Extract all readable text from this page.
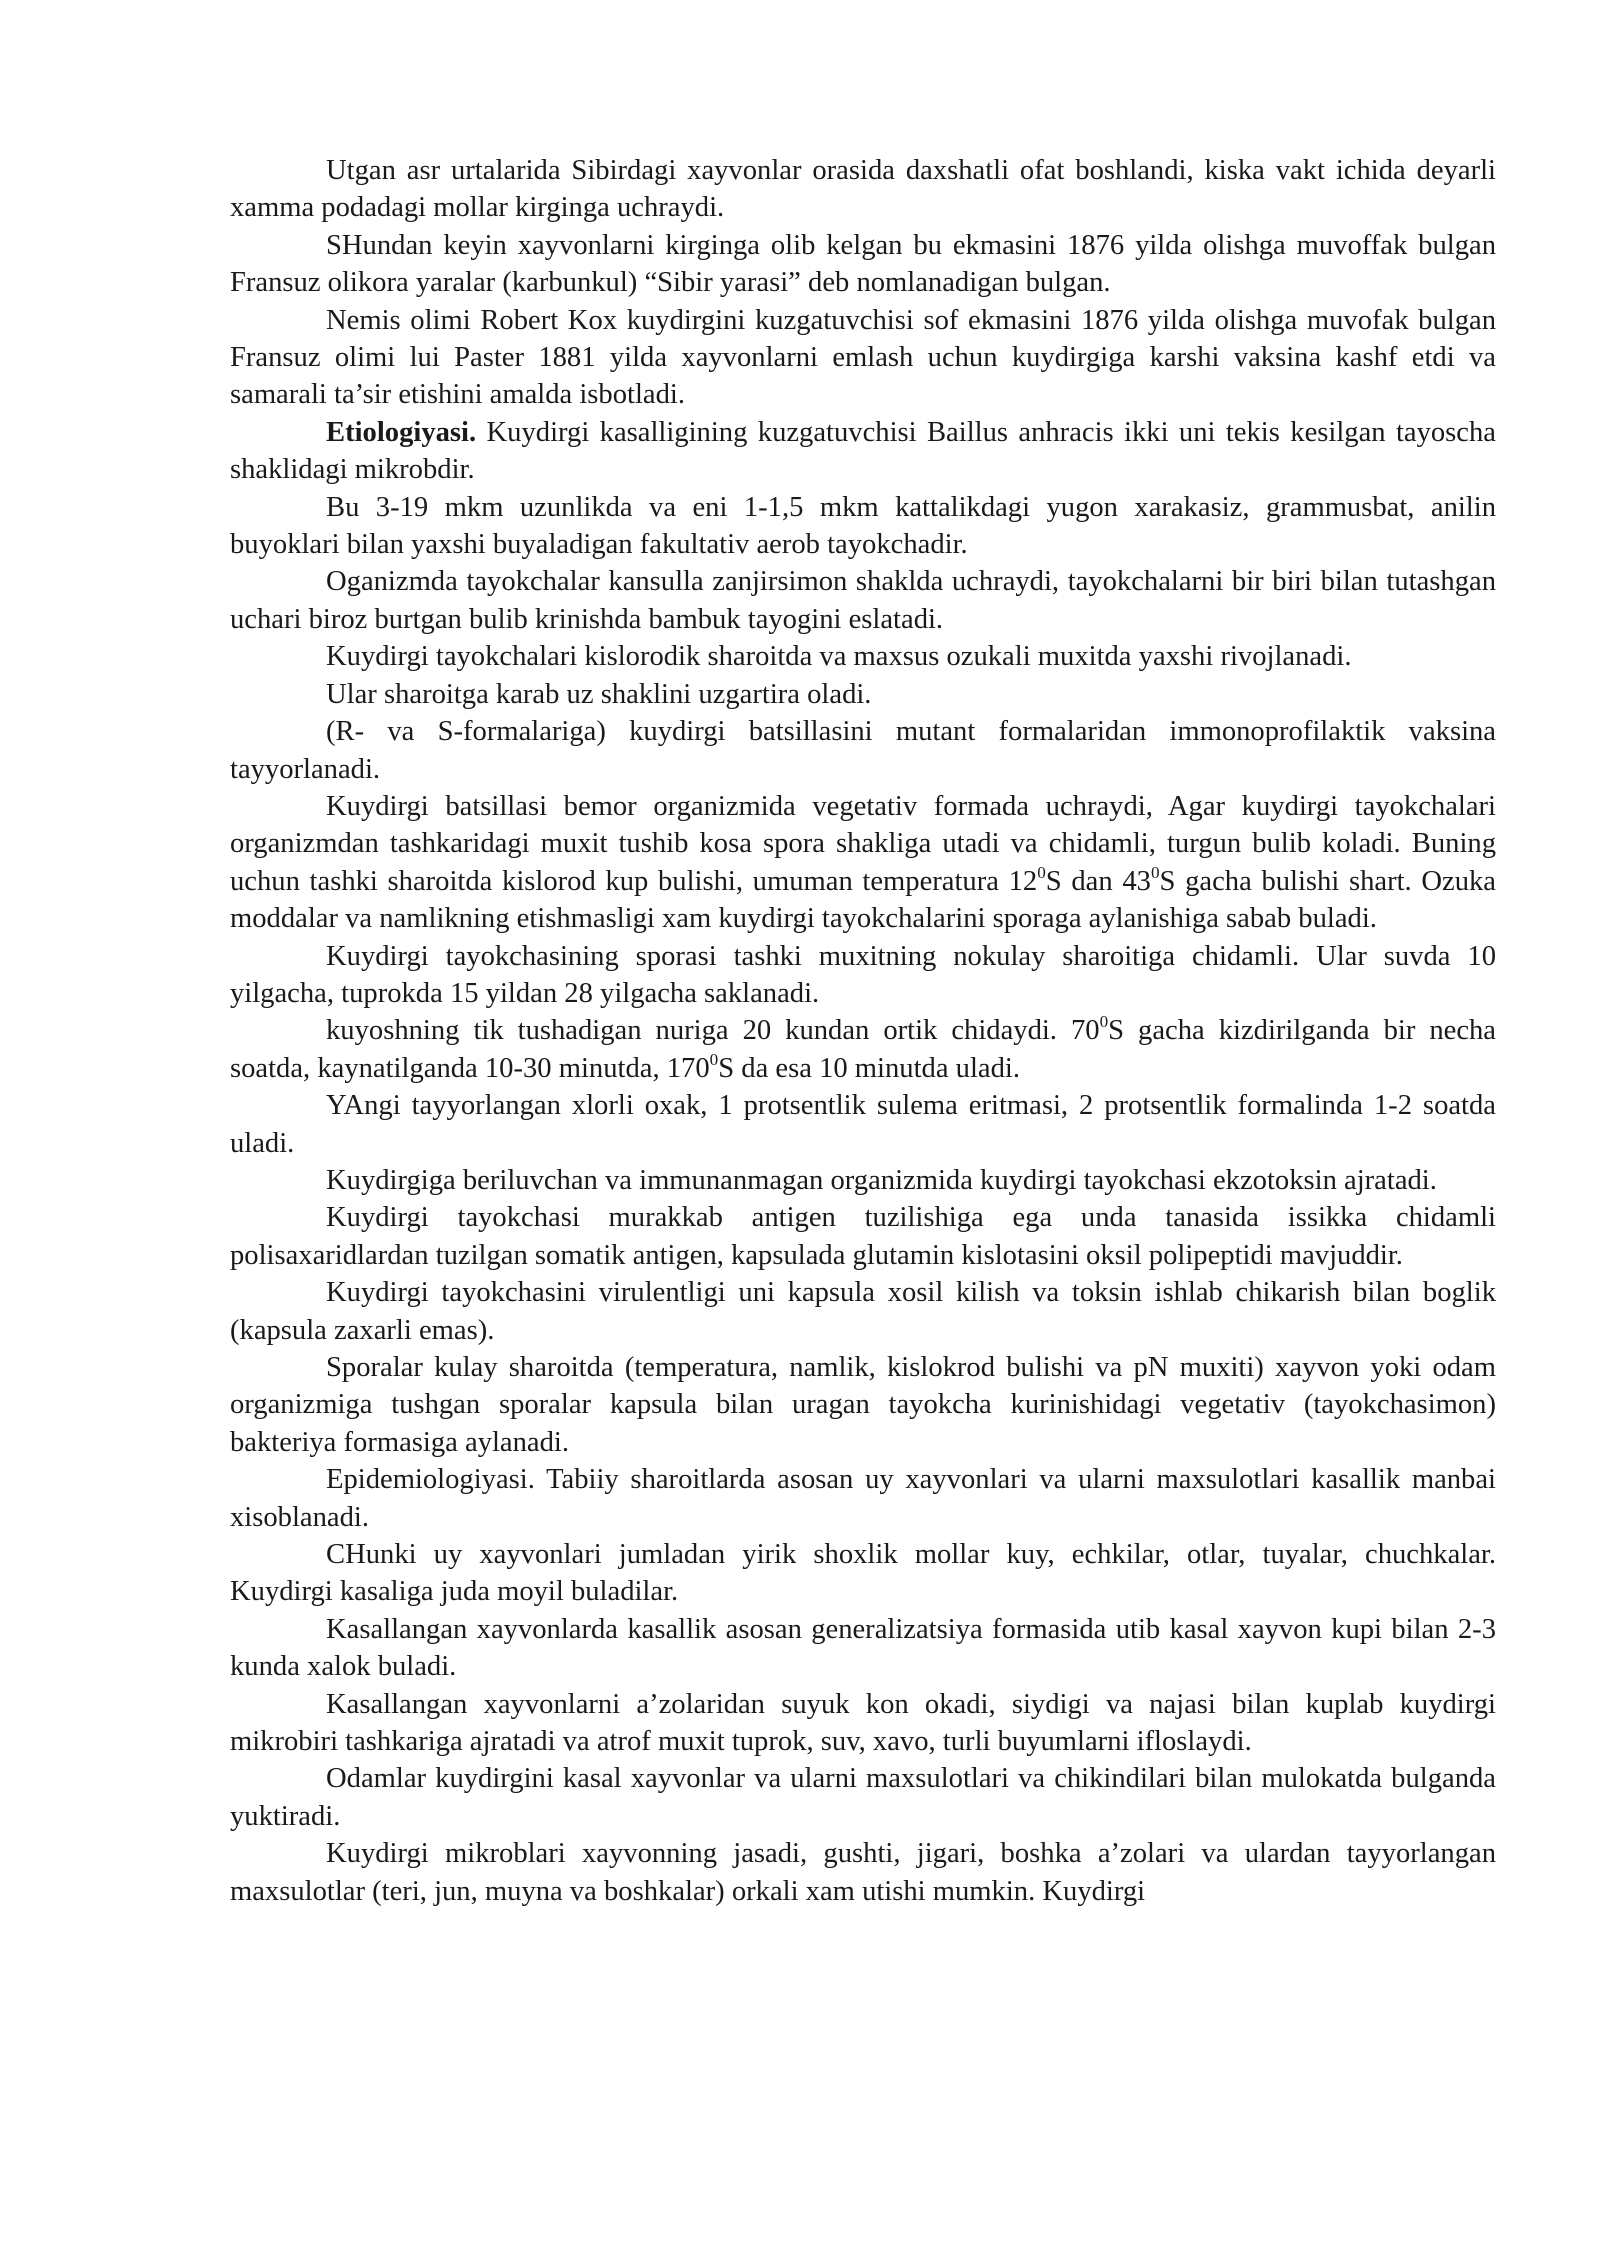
Utgan asr urtalarida Sibirdagi xayvonlar orasida daxshatli ofat boshlandi, kiska vakt ichida deyarli xamma podadagi mollar kirginga uchraydi.

SHundan keyin xayvonlarni kirginga olib kelgan bu ekmasini 1876 yilda olishga muvoffak bulgan Fransuz olikora yaralar (karbunkul) “Sibir yarasi” deb nomlanadigan bulgan.

Nemis olimi Robert Kox kuydirgini kuzgatuvchisi sof ekmasini 1876 yilda olishga muvofak bulgan Fransuz olimi lui Paster 1881 yilda xayvonlarni emlash uchun kuydirgiga karshi vaksina kashf etdi va samarali ta’sir etishini amalda isbotladi.

Etiologiyasi. Kuydirgi kasalligining kuzgatuvchisi Baillus anhracis ikki uni tekis kesilgan tayoscha shaklidagi mikrobdir.

Bu 3-19 mkm uzunlikda va eni 1-1,5 mkm kattalikdagi yugon xarakasiz, grammusbat, anilin buyoklari bilan yaxshi buyaladigan fakultativ aerob tayokchadir.

Oganizmda tayokchalar kansulla zanjirsimon shaklda uchraydi, tayokchalarni bir biri bilan tutashgan uchari biroz burtgan bulib krinishda bambuk tayogini eslatadi.

Kuydirgi tayokchalari kislorodik sharoitda va maxsus ozukali muxitda yaxshi rivojlanadi.

Ular sharoitga karab uz shaklini uzgartira oladi.

(R- va S-formalariga) kuydirgi batsillasini mutant formalaridan immonoprofilaktik vaksina tayyorlanadi.

Kuydirgi batsillasi bemor organizmida vegetativ formada uchraydi, Agar kuydirgi tayokchalari organizmdan tashkaridagi muxit tushib kosa spora shakliga utadi va chidamli, turgun bulib koladi. Buning uchun tashki sharoitda kislorod kup bulishi, umuman temperatura $12^0S$ dan $43^0S$ gacha bulishi shart. Ozuka moddalar va namlikning etishmasligi xam kuydirgi tayokchalarini sporaga aylanishiga sabab buladi.

Kuydirgi tayokchasining sporasi tashki muxitning nokulay sharoitiga chidamli. Ular suvda 10 yilgacha, tuprokda 15 yildan 28 yilgacha saklanadi.

kuyoshning tik tushadigan nuriga 20 kundan ortik chidaydi. $70^0S$ gacha kizdirilganda bir necha soatda, kaynatilganda 10-30 minutda, $170^0S$ da esa 10 minutda uladi.

YAngi tayyorlangan xlorli oxak, 1 protsentlik sulema eritmasi, 2 protsentlik formalinda 1-2 soatda uladi.

Kuydirgiga beriluvchan va immunanmagan organizmida kuydirgi tayokchasi ekzotoksin ajratadi.

Kuydirgi tayokchasi murakkab antigen tuzilishiga ega unda tanasida issikka chidamli polisaxaridlardan tuzilgan somatik antigen, kapsulada glutamin kislotasini oksil polipeptidi mavjuddir.

Kuydirgi tayokchasini virulentligi uni kapsula xosil kilish va toksin ishlab chikarish bilan boglik (kapsula zaxarli emas).

Sporalar kulay sharoitda (temperatura, namlik, kislokrod bulishi va pN muxiti) xayvon yoki odam organizmiga tushgan sporalar kapsula bilan uragan tayokcha kurinishidagi vegetativ (tayokchasimon) bakteriya formasiga aylanadi.

Epidemiologiyasi. Tabiiy sharoitlarda asosan uy xayvonlari va ularni maxsulotlari kasallik manbai xisoblanadi.

CHunki uy xayvonlari jumladan yirik shoxlik mollar kuy, echkilar, otlar, tuyalar, chuchkalar. Kuydirgi kasaliga juda moyil buladilar.

Kasallangan xayvonlarda kasallik asosan generalizatsiya formasida utib kasal xayvon kupi bilan 2-3 kunda xalok buladi.

Kasallangan xayvonlarni a’zolaridan suyuk kon okadi, siydigi va najasi bilan kuplab kuydirgi mikrobiri tashkariga ajratadi va atrof muxit tuprok, suv, xavo, turli buyumlarni ifloslaydi.

Odamlar kuydirgini kasal xayvonlar va ularni maxsulotlari va chikindilari bilan mulokatda bulganda yuktiradi.

Kuydirgi mikroblari xayvonning jasadi, gushti, jigari, boshka a’zolari va ulardan tayyorlangan maxsulotlar (teri, jun, muyna va boshkalar) orkali xam utishi mumkin. Kuydirgi
